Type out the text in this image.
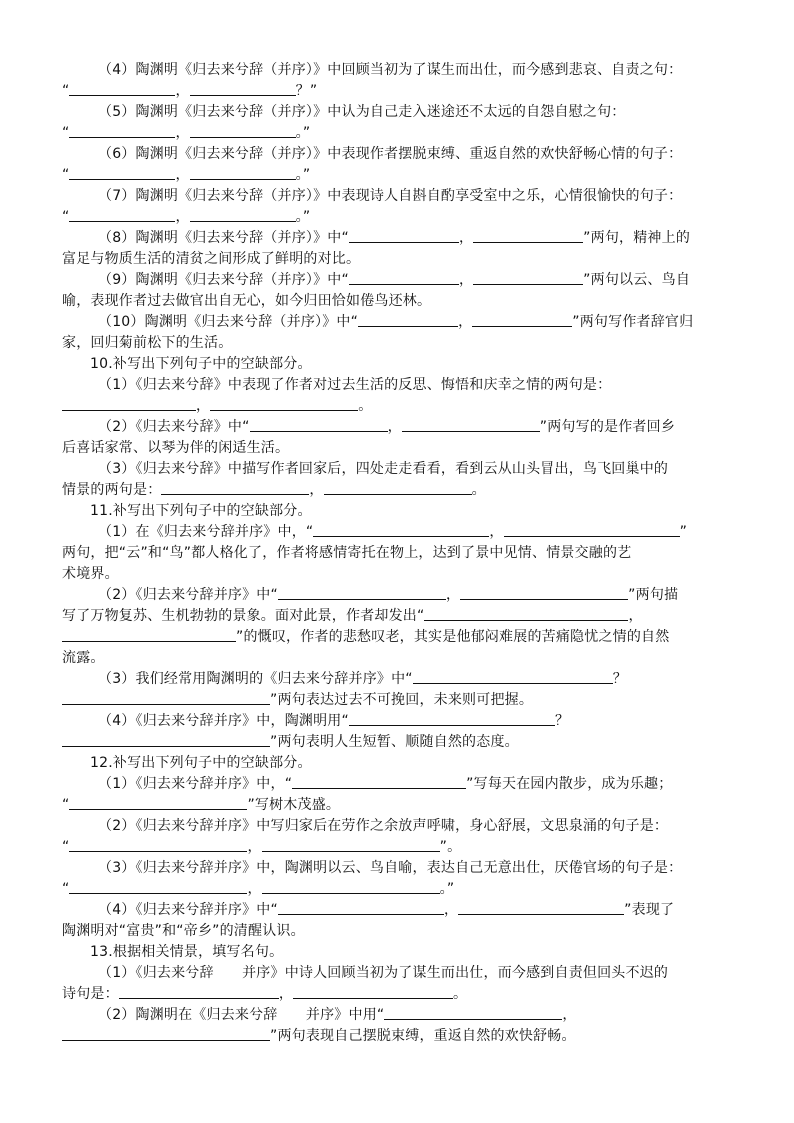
（4）陶渊明《归去来兮辞（并序）》中回顾当初为了谋生而出仕，而今感到悲哀、自责之句：
“	，	？”
（5）陶渊明《归去来兮辞（并序）》中认为自己走入迷途还不太远的自怨自慰之句：
“	，	。”
（6）陶渊明《归去来兮辞（并序）》中表现作者摆脱束缚、重返自然的欢快舒畅心情的句子：
“	，	。”
（7）陶渊明《归去来兮辞（并序）》中表现诗人自斟自酌享受室中之乐，心情很愉快的句子：
“	，	。”
（8）陶渊明《归去来兮辞（并序）》中“	，	”两句，精神上的
富足与物质生活的清贫之间形成了鲜明的对比。
（9）陶渊明《归去来兮辞（并序）》中“	，	”两句以云、鸟自
喻，表现作者过去做官出自无心，如今归田恰如倦鸟还林。
（10）陶渊明《归去来兮辞（并序）》中“	，	”两句写作者辞官归
家，回归菊前松下的生活。
10.补写出下列句子中的空缺部分。
（1）《归去来兮辞》中表现了作者对过去生活的反思、悔悟和庆幸之情的两句是：
，	。
（2）《归去来兮辞》中“	，	”两句写的是作者回乡
后喜话家常、以琴为伴的闲适生活。
（3）《归去来兮辞》中描写作者回家后，四处走走看看，看到云从山头冒出，鸟飞回巢中的
情景的两句是：	，	。
11.补写出下列句子中的空缺部分。
（1）在《归去来兮辞并序》中，“	，	”
两句，把“云”和“鸟”都人格化了，作者将感情寄托在物上，达到了景中见情、情景交融的艺
术境界。
（2）《归去来兮辞并序》中“	，	”两句描
写了万物复苏、生机勃勃的景象。面对此景，作者却发出“	，
”的慨叹，作者的悲愁叹老，其实是他郁闷难展的苦痛隐忧之情的自然
流露。
（3）我们经常用陶渊明的《归去来兮辞并序》中“	？
”两句表达过去不可挽回，未来则可把握。
（4）《归去来兮辞并序》中，陶渊明用“	？
”两句表明人生短暂、顺随自然的态度。
12.补写出下列句子中的空缺部分。
（1）《归去来兮辞并序》中，“	”写每天在园内散步，成为乐趣；
“	”写树木茂盛。
（2）《归去来兮辞并序》中写归家后在劳作之余放声呼啸，身心舒展，文思泉涌的句子是：
“	，	”。
（3）《归去来兮辞并序》中，陶渊明以云、鸟自喻，表达自己无意出仕，厌倦官场的句子是：
“	，	。”
（4）《归去来兮辞并序》中“	，	”表现了
陶渊明对“富贵”和“帝乡”的清醒认识。
13.根据相关情景，填写名句。
（1）《归去来兮辞　　并序》中诗人回顾当初为了谋生而出仕，而今感到自责但回头不迟的
诗句是：	，	。
（2）陶渊明在《归去来兮辞　　并序》中用“	，
”两句表现自己摆脱束缚，重返自然的欢快舒畅。
